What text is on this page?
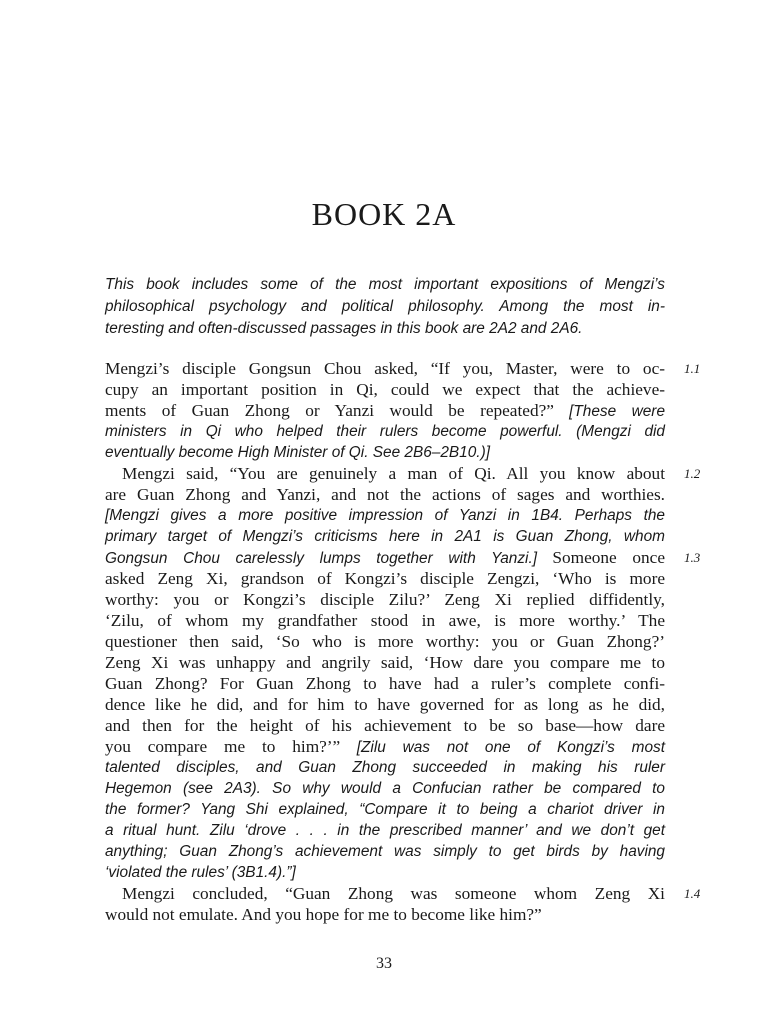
BOOK 2A
This book includes some of the most important expositions of Mengzi’s
philosophical psychology and political philosophy. Among the most in-
teresting and often-discussed passages in this book are 2A2 and 2A6.
Mengzi’s disciple Gongsun Chou asked, “If you, Master, were to oc- 1.1
cupy an important position in Qi, could we expect that the achieve-
ments of Guan Zhong or Yanzi would be repeated?” [These were
ministers in Qi who helped their rulers become powerful. (Mengzi did
eventually become High Minister of Qi. See 2B6–2B10.)]
Mengzi said, “You are genuinely a man of Qi. All you know about 1.2
are Guan Zhong and Yanzi, and not the actions of sages and worthies.
[Mengzi gives a more positive impression of Yanzi in 1B4. Perhaps the
primary target of Mengzi’s criticisms here in 2A1 is Guan Zhong, whom
Gongsun Chou carelessly lumps together with Yanzi.] Someone once 1.3
asked Zeng Xi, grandson of Kongzi’s disciple Zengzi, ‘Who is more
worthy: you or Kongzi’s disciple Zilu?’ Zeng Xi replied diffidently,
‘Zilu, of whom my grandfather stood in awe, is more worthy.’ The
questioner then said, ‘So who is more worthy: you or Guan Zhong?’
Zeng Xi was unhappy and angrily said, ‘How dare you compare me to
Guan Zhong? For Guan Zhong to have had a ruler’s complete confi-
dence like he did, and for him to have governed for as long as he did,
and then for the height of his achievement to be so base—how dare
you compare me to him?’” [Zilu was not one of Kongzi’s most
talented disciples, and Guan Zhong succeeded in making his ruler
Hegemon (see 2A3). So why would a Confucian rather be compared to
the former? Yang Shi explained, “Compare it to being a chariot driver in
a ritual hunt. Zilu ‘drove . . . in the prescribed manner’ and we don’t get
anything; Guan Zhong’s achievement was simply to get birds by having
‘violated the rules’ (3B1.4).”]
Mengzi concluded, “Guan Zhong was someone whom Zeng Xi 1.4
would not emulate. And you hope for me to become like him?”
33
